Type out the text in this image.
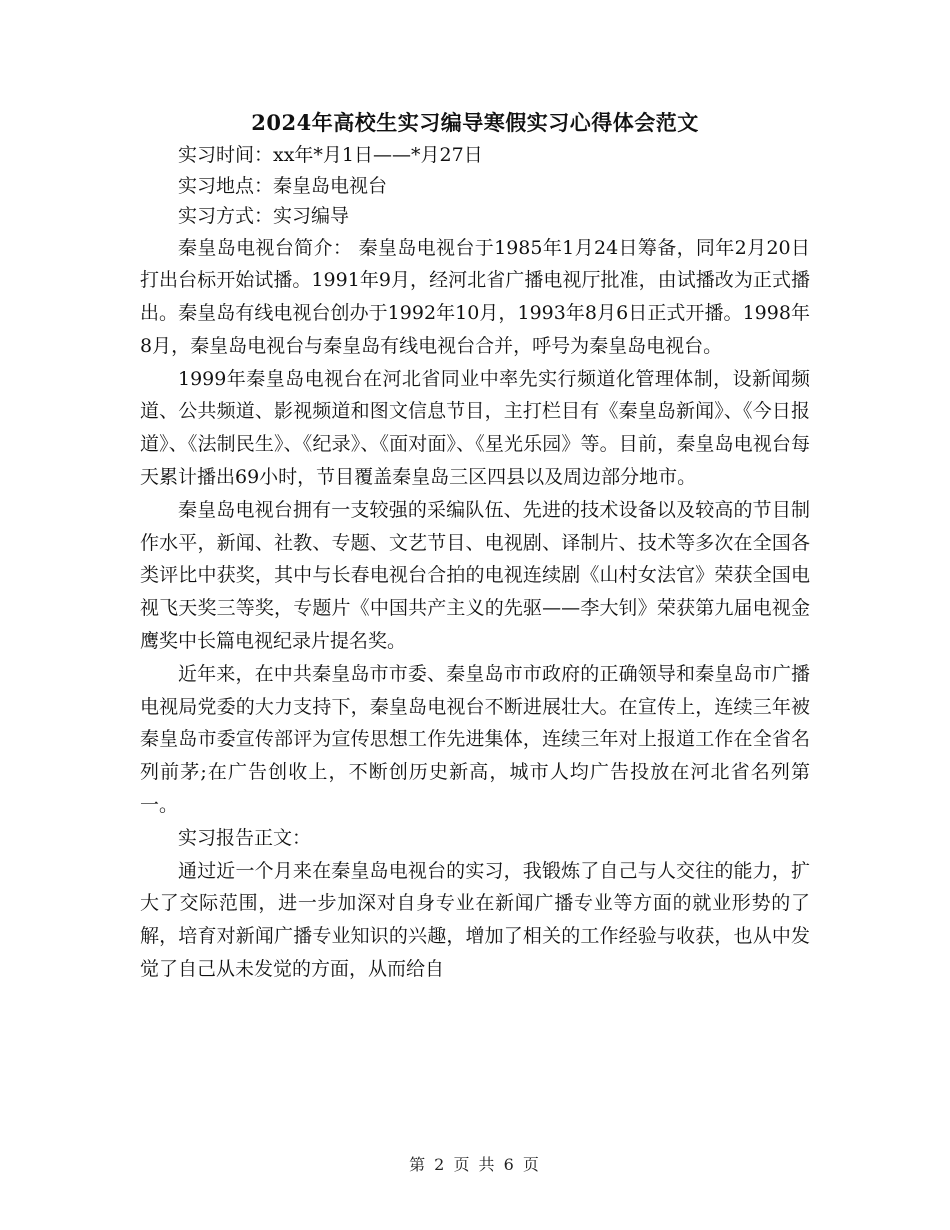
2024年高校生实习编导寒假实习心得体会范文

实习时间：xx年*月1日——*月27日

实习地点：秦皇岛电视台

实习方式：实习编导

秦皇岛电视台简介： 秦皇岛电视台于1985年1月24日筹备，同年2月20日打出台标开始试播。1991年9月，经河北省广播电视厅批准，由试播改为正式播出。秦皇岛有线电视台创办于1992年10月，1993年8月6日正式开播。1998年8月，秦皇岛电视台与秦皇岛有线电视台合并，呼号为秦皇岛电视台。

1999年秦皇岛电视台在河北省同业中率先实行频道化管理体制，设新闻频道、公共频道、影视频道和图文信息节目，主打栏目有《秦皇岛新闻》、《今日报道》、《法制民生》、《纪录》、《面对面》、《星光乐园》等。目前，秦皇岛电视台每天累计播出69小时，节目覆盖秦皇岛三区四县以及周边部分地市。

秦皇岛电视台拥有一支较强的采编队伍、先进的技术设备以及较高的节目制作水平，新闻、社教、专题、文艺节目、电视剧、译制片、技术等多次在全国各类评比中获奖，其中与长春电视台合拍的电视连续剧《山村女法官》荣获全国电视飞天奖三等奖，专题片《中国共产主义的先驱——李大钊》荣获第九届电视金鹰奖中长篇电视纪录片提名奖。

近年来，在中共秦皇岛市市委、秦皇岛市市政府的正确领导和秦皇岛市广播电视局党委的大力支持下，秦皇岛电视台不断进展壮大。在宣传上，连续三年被秦皇岛市委宣传部评为宣传思想工作先进集体，连续三年对上报道工作在全省名列前茅;在广告创收上，不断创历史新高，城市人均广告投放在河北省名列第一。

实习报告正文：

通过近一个月来在秦皇岛电视台的实习，我锻炼了自己与人交往的能力，扩大了交际范围，进一步加深对自身专业在新闻广播专业等方面的就业形势的了解，培育对新闻广播专业知识的兴趣，增加了相关的工作经验与收获，也从中发觉了自己从未发觉的方面，从而给自

第 2 页 共 6 页
